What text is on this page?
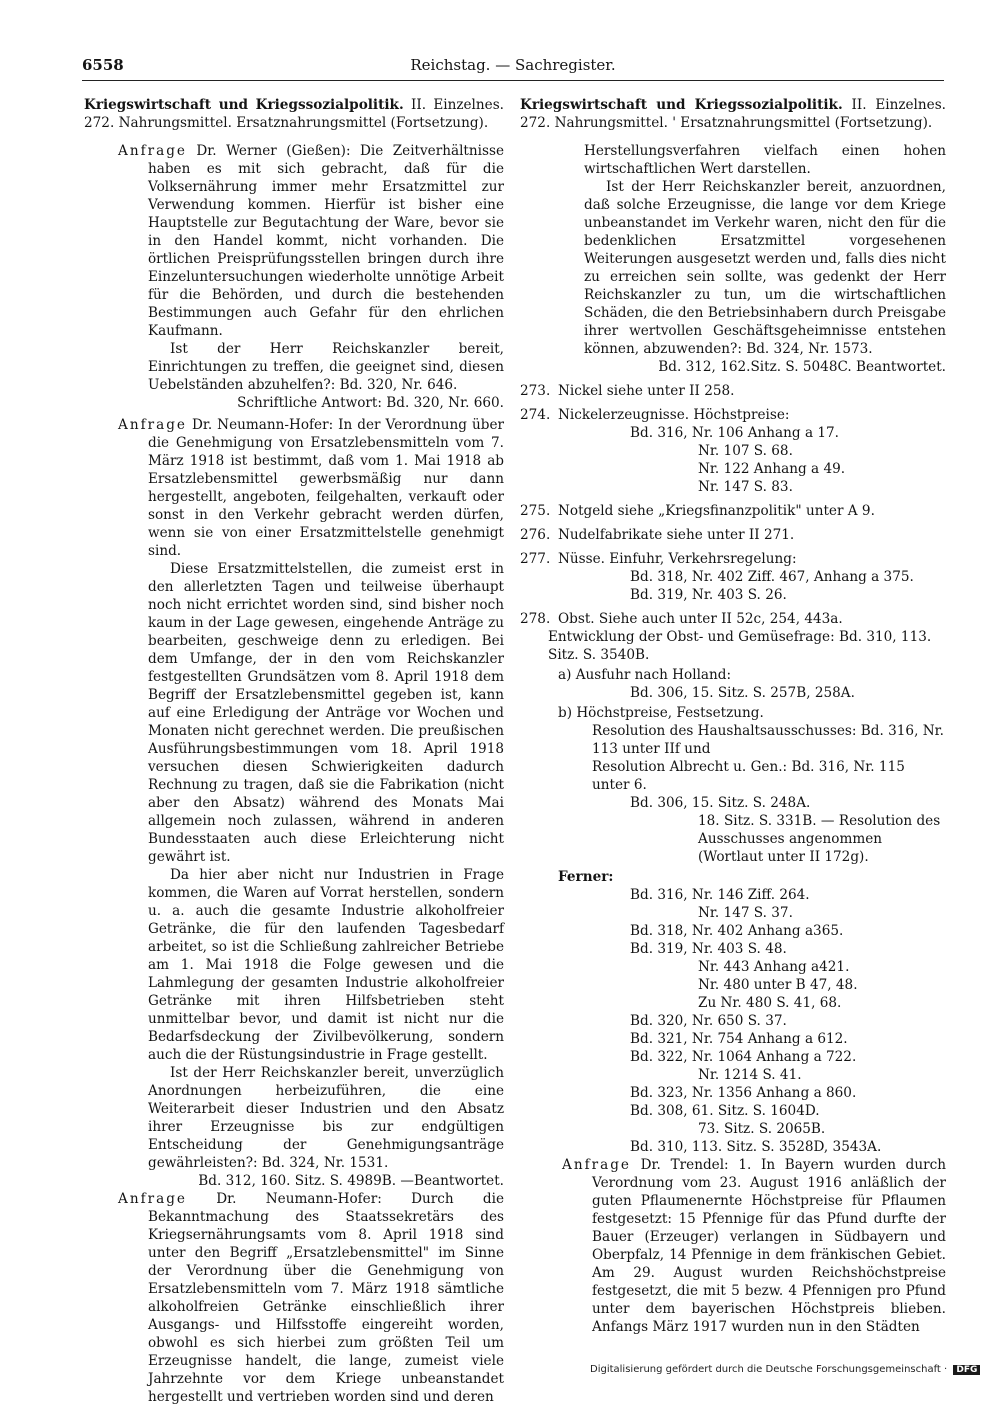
6558	Reichstag. — Sachregister.

Kriegswirtschaft und Kriegssozialpolitik. II. Einzelnes. 272. Nahrungsmittel. Ersatznahrungsmittel (Fortsetzung).

Anfrage Dr. Werner (Gießen): Die Zeitverhältnisse haben es mit sich gebracht, daß für die Volksernährung immer mehr Ersatzmittel zur Verwendung kommen. Hierfür ist bisher eine Hauptstelle zur Begutachtung der Ware, bevor sie in den Handel kommt, nicht vorhanden. Die örtlichen Preisprüfungsstellen bringen durch ihre Einzeluntersuchungen wiederholte unnötige Arbeit für die Behörden, und durch die bestehenden Bestimmungen auch Gefahr für den ehrlichen Kaufmann.

Ist der Herr Reichskanzler bereit, Einrichtungen zu treffen, die geeignet sind, diesen Uebelständen abzuhelfen?: Bd. 320, Nr. 646.

Schriftliche Antwort: Bd. 320, Nr. 660.

Anfrage Dr. Neumann-Hofer: In der Verordnung über die Genehmigung von Ersatzlebensmitteln vom 7. März 1918 ist bestimmt, daß vom 1. Mai 1918 ab Ersatzlebensmittel gewerbsmäßig nur dann hergestellt, angeboten, feilgehalten, verkauft oder sonst in den Verkehr gebracht werden dürfen, wenn sie von einer Ersatzmittelstelle genehmigt sind.

Diese Ersatzmittelstellen, die zumeist erst in den allerletzten Tagen und teilweise überhaupt noch nicht errichtet worden sind, sind bisher noch kaum in der Lage gewesen, eingehende Anträge zu bearbeiten, geschweige denn zu erledigen. Bei dem Umfange, der in den vom Reichskanzler festgestellten Grundsätzen vom 8. April 1918 dem Begriff der Ersatzlebensmittel gegeben ist, kann auf eine Erledigung der Anträge vor Wochen und Monaten nicht gerechnet werden. Die preußischen Ausführungsbestimmungen vom 18. April 1918 versuchen diesen Schwierigkeiten dadurch Rechnung zu tragen, daß sie die Fabrikation (nicht aber den Absatz) während des Monats Mai allgemein noch zulassen, während in anderen Bundesstaaten auch diese Erleichterung nicht gewährt ist.

Da hier aber nicht nur Industrien in Frage kommen, die Waren auf Vorrat herstellen, sondern u. a. auch die gesamte Industrie alkoholfreier Getränke, die für den laufenden Tagesbedarf arbeitet, so ist die Schließung zahlreicher Betriebe am 1. Mai 1918 die Folge gewesen und die Lahmlegung der gesamten Industrie alkoholfreier Getränke mit ihren Hilfsbetrieben steht unmittelbar bevor, und damit ist nicht nur die Bedarfsdeckung der Zivilbevölkerung, sondern auch die der Rüstungsindustrie in Frage gestellt.

Ist der Herr Reichskanzler bereit, unverzüglich Anordnungen herbeizuführen, die eine Weiterarbeit dieser Industrien und den Absatz ihrer Erzeugnisse bis zur endgültigen Entscheidung der Genehmigungsanträge gewährleisten?: Bd. 324, Nr. 1531.

Bd. 312, 160. Sitz. S. 4989B. —Beantwortet.

Anfrage Dr. Neumann-Hofer: Durch die Bekanntmachung des Staatssekretärs des Kriegsernährungsamts vom 8. April 1918 sind unter den Begriff „Ersatzlebensmittel" im Sinne der Verordnung über die Genehmigung von Ersatzlebensmitteln vom 7. März 1918 sämtliche alkoholfreien Getränke einschließlich ihrer Ausgangs- und Hilfsstoffe eingereiht worden, obwohl es sich hierbei zum größten Teil um Erzeugnisse handelt, die lange, zumeist viele Jahrzehnte vor dem Kriege unbeanstandet hergestellt und vertrieben worden sind und deren

Kriegswirtschaft und Kriegssozialpolitik. II. Einzelnes. 272. Nahrungsmittel. ' Ersatznahrungsmittel (Fortsetzung).

Herstellungsverfahren vielfach einen hohen wirtschaftlichen Wert darstellen.

Ist der Herr Reichskanzler bereit, anzuordnen, daß solche Erzeugnisse, die lange vor dem Kriege unbeanstandet im Verkehr waren, nicht den für die bedenklichen Ersatzmittel vorgesehenen Weiterungen ausgesetzt werden und, falls dies nicht zu erreichen sein sollte, was gedenkt der Herr Reichskanzler zu tun, um die wirtschaftlichen Schäden, die den Betriebsinhabern durch Preisgabe ihrer wertvollen Geschäftsgeheimnisse entstehen können, abzuwenden?: Bd. 324, Nr. 1573.

Bd. 312, 162.Sitz. S. 5048C. Beantwortet.

273. Nickel siehe unter II 258.
274. Nickelerzeugnisse. Höchstpreise:
Bd. 316, Nr. 106 Anhang a 17.
Nr. 107 S. 68.
Nr. 122 Anhang a 49.
Nr. 147 S. 83.
275. Notgeld siehe „Kriegsfinanzpolitik" unter A 9.
276. Nudelfabrikate siehe unter II 271.
277. Nüsse. Einfuhr, Verkehrsregelung:
Bd. 318, Nr. 402 Ziff. 467, Anhang a 375.
Bd. 319, Nr. 403 S. 26.
278. Obst. Siehe auch unter II 52c, 254, 443a.
Entwicklung der Obst- und Gemüsefrage: Bd. 310, 113. Sitz. S. 3540B.
a) Ausfuhr nach Holland:
Bd. 306, 15. Sitz. S. 257B, 258A.
b) Höchstpreise, Festsetzung.
Resolution des Haushaltsausschusses: Bd. 316, Nr. 113 unter IIf und
Resolution Albrecht u. Gen.: Bd. 316, Nr. 115 unter 6.
Bd. 306, 15. Sitz. S. 248A.
18. Sitz. S. 331B. — Resolution des Ausschusses angenommen (Wortlaut unter II 172g).
Ferner:
Bd. 316, Nr. 146 Ziff. 264.
Nr. 147 S. 37.
Bd. 318, Nr. 402 Anhang a365.
Bd. 319, Nr. 403 S. 48.
Nr. 443 Anhang a421.
Nr. 480 unter B 47, 48.
Zu Nr. 480 S. 41, 68.
Bd. 320, Nr. 650 S. 37.
Bd. 321, Nr. 754 Anhang a 612.
Bd. 322, Nr. 1064 Anhang a 722.
Nr. 1214 S. 41.
Bd. 323, Nr. 1356 Anhang a 860.
Bd. 308, 61. Sitz. S. 1604D.
73. Sitz. S. 2065B.
Bd. 310, 113. Sitz. S. 3528D, 3543A.

Anfrage Dr. Trendel: 1. In Bayern wurden durch Verordnung vom 23. August 1916 anläßlich der guten Pflaumenernte Höchstpreise für Pflaumen festgesetzt: 15 Pfennige für das Pfund durfte der Bauer (Erzeuger) verlangen in Südbayern und Oberpfalz, 14 Pfennige in dem fränkischen Gebiet. Am 29. August wurden Reichshöchstpreise festgesetzt, die mit 5 bezw. 4 Pfennigen pro Pfund unter dem bayerischen Höchstpreis blieben. Anfangs März 1917 wurden nun in den Städten

Digitalisierung gefördert durch die Deutsche Forschungsgemeinschaft · DFG
